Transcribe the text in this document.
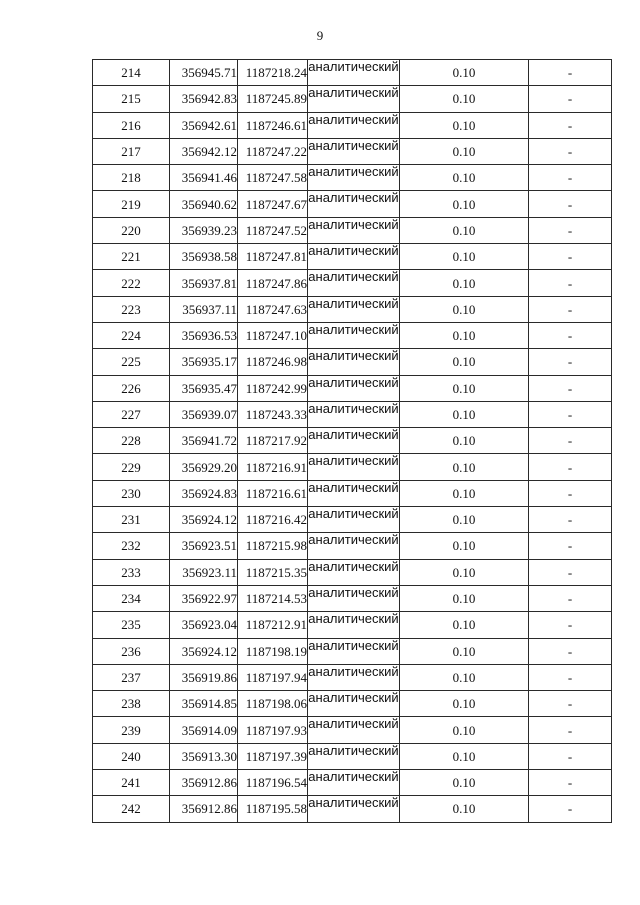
9
214	356945.71	1187218.24	аналитический	0.10	-
215	356942.83	1187245.89	аналитический	0.10	-
216	356942.61	1187246.61	аналитический	0.10	-
217	356942.12	1187247.22	аналитический	0.10	-
218	356941.46	1187247.58	аналитический	0.10	-
219	356940.62	1187247.67	аналитический	0.10	-
220	356939.23	1187247.52	аналитический	0.10	-
221	356938.58	1187247.81	аналитический	0.10	-
222	356937.81	1187247.86	аналитический	0.10	-
223	356937.11	1187247.63	аналитический	0.10	-
224	356936.53	1187247.10	аналитический	0.10	-
225	356935.17	1187246.98	аналитический	0.10	-
226	356935.47	1187242.99	аналитический	0.10	-
227	356939.07	1187243.33	аналитический	0.10	-
228	356941.72	1187217.92	аналитический	0.10	-
229	356929.20	1187216.91	аналитический	0.10	-
230	356924.83	1187216.61	аналитический	0.10	-
231	356924.12	1187216.42	аналитический	0.10	-
232	356923.51	1187215.98	аналитический	0.10	-
233	356923.11	1187215.35	аналитический	0.10	-
234	356922.97	1187214.53	аналитический	0.10	-
235	356923.04	1187212.91	аналитический	0.10	-
236	356924.12	1187198.19	аналитический	0.10	-
237	356919.86	1187197.94	аналитический	0.10	-
238	356914.85	1187198.06	аналитический	0.10	-
239	356914.09	1187197.93	аналитический	0.10	-
240	356913.30	1187197.39	аналитический	0.10	-
241	356912.86	1187196.54	аналитический	0.10	-
242	356912.86	1187195.58	аналитический	0.10	-
